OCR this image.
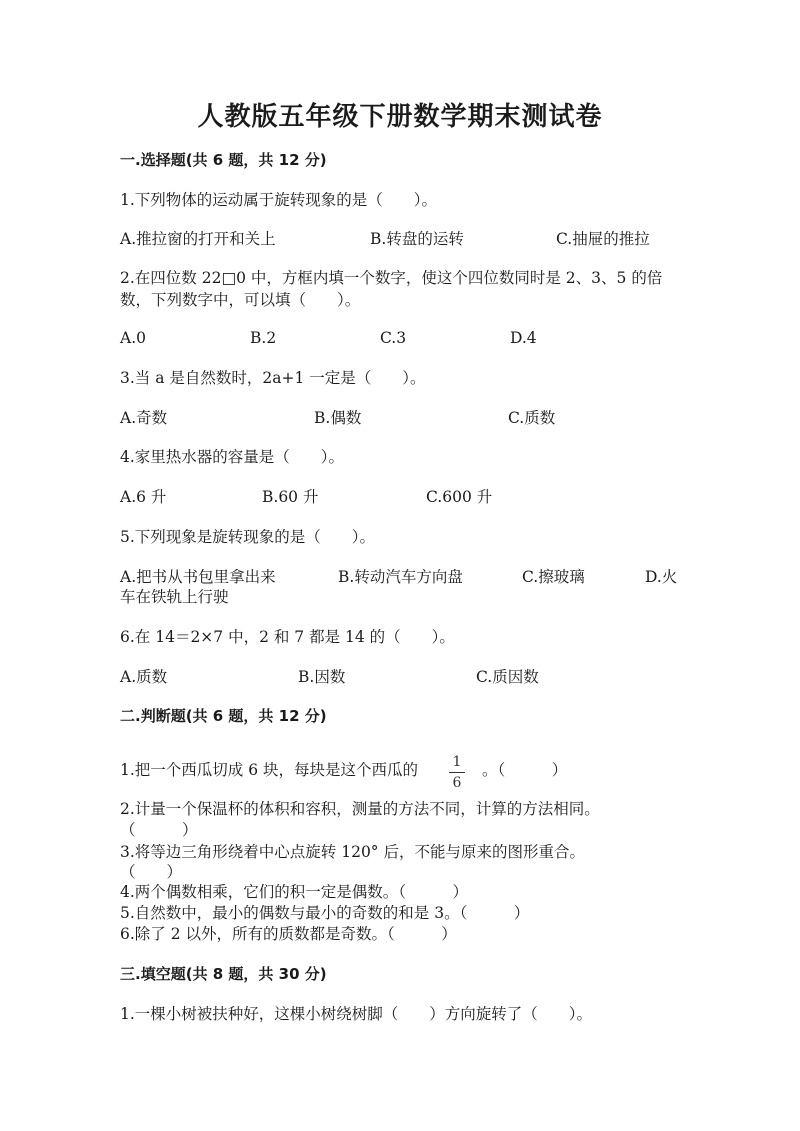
人教版五年级下册数学期末测试卷
一.选择题(共 6 题，共 12 分)
1.下列物体的运动属于旋转现象的是（　　）。
A.推拉窗的打开和关上	B.转盘的运转	C.抽屉的推拉
2.在四位数 22□0 中，方框内填一个数字，使这个四位数同时是 2、3、5 的倍
数，下列数字中，可以填（　　）。
A.0	B.2	C.3	D.4
3.当 a 是自然数时，2a+1 一定是（　　）。
A.奇数	B.偶数	C.质数
4.家里热水器的容量是（　　）。
A.6 升	B.60 升	C.600 升
5.下列现象是旋转现象的是（　　）。
A.把书从书包里拿出来	B.转动汽车方向盘	C.擦玻璃	D.火
车在铁轨上行驶
6.在 14＝2×7 中，2 和 7 都是 14 的（　　）。
A.质数	B.因数	C.质因数
二.判断题(共 6 题，共 12 分)
1.把一个西瓜切成 6 块，每块是这个西瓜的	1
6
。（　　　）
2.计量一个保温杯的体积和容积，测量的方法不同，计算的方法相同。
（　　　）
3.将等边三角形绕着中心点旋转 120° 后，不能与原来的图形重合。
（　　）
4.两个偶数相乘，它们的积一定是偶数。（　　　）
5.自然数中，最小的偶数与最小的奇数的和是 3。（　　　）
6.除了 2 以外，所有的质数都是奇数。（　　　）
三.填空题(共 8 题，共 30 分)
1.一棵小树被扶种好，这棵小树绕树脚（　　）方向旋转了（　　）。
